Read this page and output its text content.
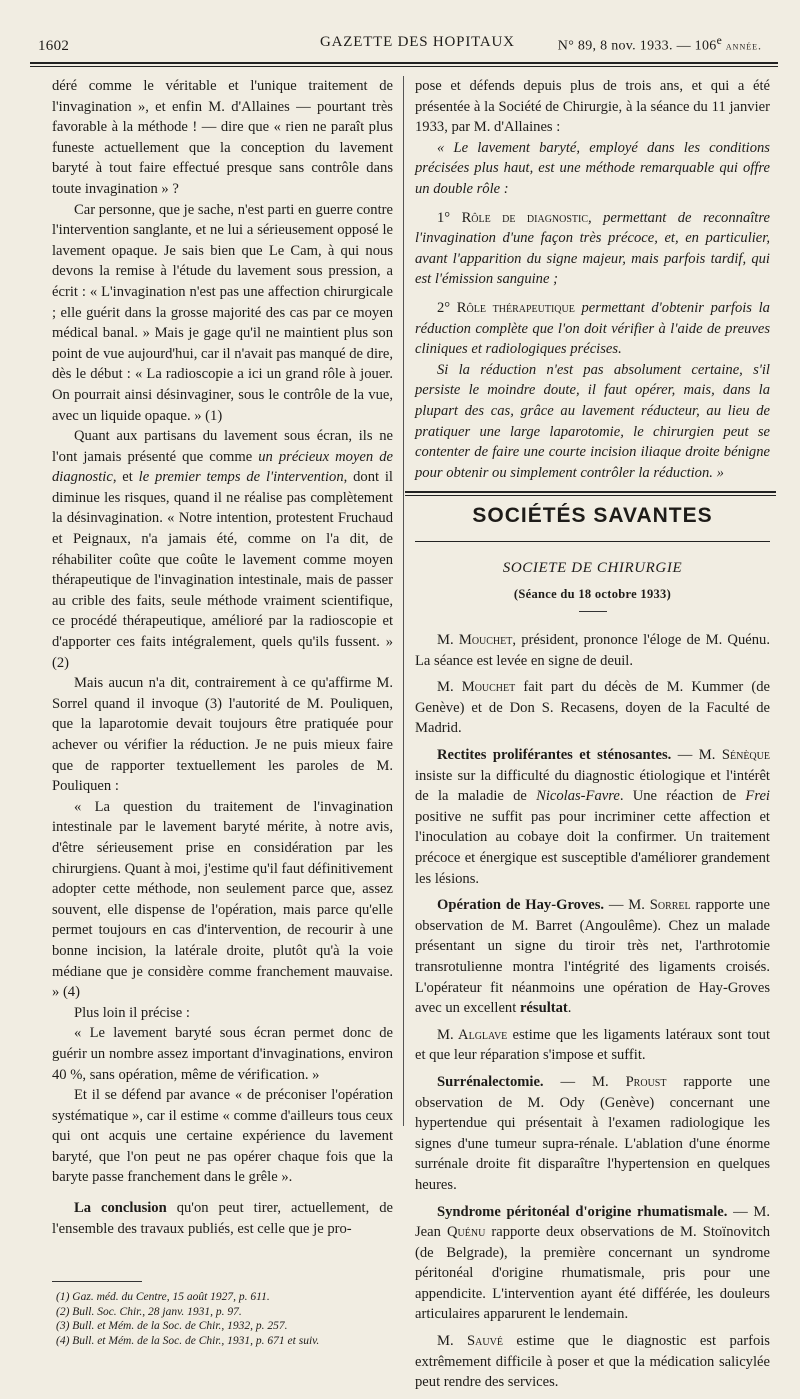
1602	GAZETTE DES HOPITAUX	N° 89, 8 nov. 1933. — 106e année.

déré comme le véritable et l'unique traitement de l'invagination », et enfin M. d'Allaines — pourtant très favorable à la méthode ! — dire que « rien ne paraît plus funeste actuellement que la conception du lavement baryté à tout faire effectué presque sans contrôle dans toute invagination » ?

Car personne, que je sache, n'est parti en guerre contre l'intervention sanglante, et ne lui a sérieusement opposé le lavement opaque. Je sais bien que Le Cam, à qui nous devons la remise à l'étude du lavement sous pression, a écrit : « L'invagination n'est pas une affection chirurgicale ; elle guérit dans la grosse majorité des cas par ce moyen médical banal. » Mais je gage qu'il ne maintient plus son point de vue aujourd'hui, car il n'avait pas manqué de dire, dès le début : « La radioscopie a ici un grand rôle à jouer. On pourrait ainsi désinvaginer, sous le contrôle de la vue, avec un liquide opaque. » (1)

Quant aux partisans du lavement sous écran, ils ne l'ont jamais présenté que comme un précieux moyen de diagnostic, et le premier temps de l'intervention, dont il diminue les risques, quand il ne réalise pas complètement la désinvagination. « Notre intention, protestent Fruchaud et Peignaux, n'a jamais été, comme on l'a dit, de réhabiliter coûte que coûte le lavement comme moyen thérapeutique de l'invagination intestinale, mais de passer au crible des faits, seule méthode vraiment scientifique, ce procédé thérapeutique, amélioré par la radioscopie et d'apporter ces faits intégralement, quels qu'ils fussent. » (2)

Mais aucun n'a dit, contrairement à ce qu'affirme M. Sorrel quand il invoque (3) l'autorité de M. Pouliquen, que la laparotomie devait toujours être pratiquée pour achever ou vérifier la réduction. Je ne puis mieux faire que de rapporter textuellement les paroles de M. Pouliquen :

« La question du traitement de l'invagination intestinale par le lavement baryté mérite, à notre avis, d'être sérieusement prise en considération par les chirurgiens. Quant à moi, j'estime qu'il faut définitivement adopter cette méthode, non seulement parce que, assez souvent, elle dispense de l'opération, mais parce qu'elle permet toujours en cas d'intervention, de recourir à une bonne incision, la latérale droite, plutôt qu'à la voie médiane que je considère comme franchement mauvaise. » (4)

Plus loin il précise :

« Le lavement baryté sous écran permet donc de guérir un nombre assez important d'invaginations, environ 40 %, sans opération, même de vérification. »

Et il se défend par avance « de préconiser l'opération systématique », car il estime « comme d'ailleurs tous ceux qui ont acquis une certaine expérience du lavement baryté, que l'on peut ne pas opérer chaque fois que la baryte passe franchement dans le grêle ».

La conclusion qu'on peut tirer, actuellement, de l'ensemble des travaux publiés, est celle que je pro-

(1) Gaz. méd. du Centre, 15 août 1927, p. 611.
(2) Bull. Soc. Chir., 28 janv. 1931, p. 97.
(3) Bull. et Mém. de la Soc. de Chir., 1932, p. 257.
(4) Bull. et Mém. de la Soc. de Chir., 1931, p. 671 et suiv.

pose et défends depuis plus de trois ans, et qui a été présentée à la Société de Chirurgie, à la séance du 11 janvier 1933, par M. d'Allaines :

« Le lavement baryté, employé dans les conditions précisées plus haut, est une méthode remarquable qui offre un double rôle :

1° Rôle de diagnostic, permettant de reconnaître l'invagination d'une façon très précoce, et, en particulier, avant l'apparition du signe majeur, mais parfois tardif, qui est l'émission sanguine ;

2° Rôle thérapeutique permettant d'obtenir parfois la réduction complète que l'on doit vérifier à l'aide de preuves cliniques et radiologiques précises.

Si la réduction n'est pas absolument certaine, s'il persiste le moindre doute, il faut opérer, mais, dans la plupart des cas, grâce au lavement réducteur, au lieu de pratiquer une large laparotomie, le chirurgien peut se contenter de faire une courte incision iliaque droite bénigne pour obtenir ou simplement contrôler la réduction. »

SOCIÉTÉS SAVANTES
SOCIETE DE CHIRURGIE
(Séance du 18 octobre 1933)

M. Mouchet, président, prononce l'éloge de M. Quénu. La séance est levée en signe de deuil.

M. Mouchet fait part du décès de M. Kummer (de Genève) et de Don S. Recasens, doyen de la Faculté de Madrid.

Rectites proliférantes et sténosantes. — M. Sénèque insiste sur la difficulté du diagnostic étiologique et l'intérêt de la maladie de Nicolas-Favre. Une réaction de Frei positive ne suffit pas pour incriminer cette affection et l'inoculation au cobaye doit la confirmer. Un traitement précoce et énergique est susceptible d'améliorer grandement les lésions.

Opération de Hay-Groves. — M. Sorrel rapporte une observation de M. Barret (Angoulême). Chez un malade présentant un signe du tiroir très net, l'arthrotomie transrotulienne montra l'intégrité des ligaments croisés. L'opérateur fit néanmoins une opération de Hay-Groves avec un excellent résultat.

M. Alglave estime que les ligaments latéraux sont tout et que leur réparation s'impose et suffit.

Surrénalectomie. — M. Proust rapporte une observation de M. Ody (Genève) concernant une hypertendue qui présentait à l'examen radiologique les signes d'une tumeur supra-rénale. L'ablation d'une énorme surrénale droite fit disparaître l'hypertension en quelques heures.

Syndrome péritonéal d'origine rhumatismale. — M. Jean Quénu rapporte deux observations de M. Stoïnovitch (de Belgrade), la première concernant un syndrome péritonéal d'origine rhumatismale, pris pour une appendicite. L'intervention ayant été différée, les douleurs articulaires apparurent le lendemain.

M. Sauvé estime que le diagnostic est parfois extrêmement difficile à poser et que la médication salicylée peut rendre des services.
